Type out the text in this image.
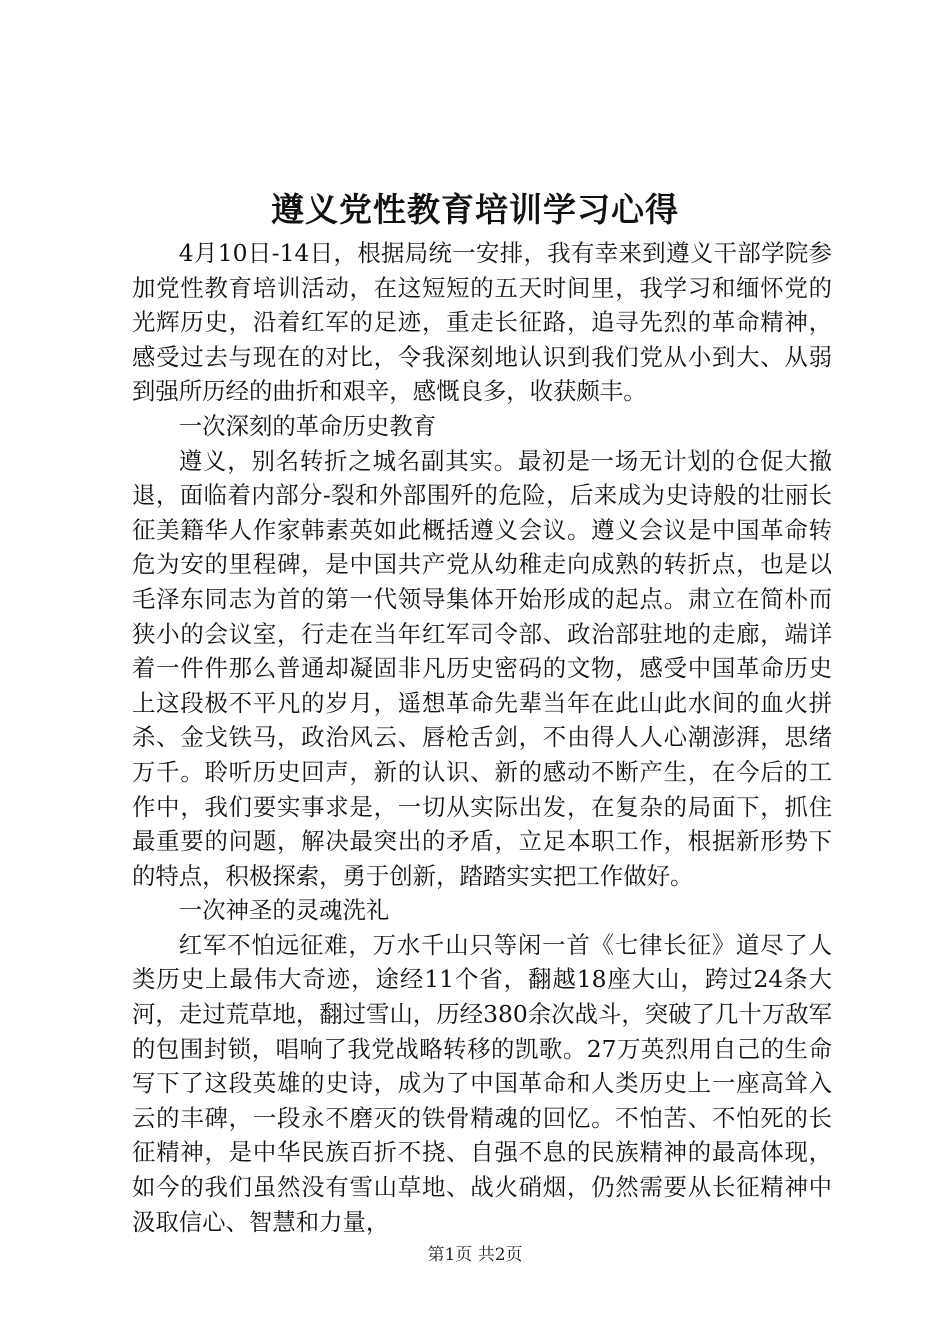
遵义党性教育培训学习心得

4月10日-14日，根据局统一安排，我有幸来到遵义干部学院参加党性教育培训活动，在这短短的五天时间里，我学习和缅怀党的光辉历史，沿着红军的足迹，重走长征路，追寻先烈的革命精神，感受过去与现在的对比，令我深刻地认识到我们党从小到大、从弱到强所历经的曲折和艰辛，感慨良多，收获颇丰。

一次深刻的革命历史教育

遵义，别名转折之城名副其实。最初是一场无计划的仓促大撤退，面临着内部分-裂和外部围歼的危险，后来成为史诗般的壮丽长征美籍华人作家韩素英如此概括遵义会议。遵义会议是中国革命转危为安的里程碑，是中国共产党从幼稚走向成熟的转折点，也是以毛泽东同志为首的第一代领导集体开始形成的起点。肃立在简朴而狭小的会议室，行走在当年红军司令部、政治部驻地的走廊，端详着一件件那么普通却凝固非凡历史密码的文物，感受中国革命历史上这段极不平凡的岁月，遥想革命先辈当年在此山此水间的血火拼杀、金戈铁马，政治风云、唇枪舌剑，不由得人人心潮澎湃，思绪万千。聆听历史回声，新的认识、新的感动不断产生，在今后的工作中，我们要实事求是，一切从实际出发，在复杂的局面下，抓住最重要的问题，解决最突出的矛盾，立足本职工作，根据新形势下的特点，积极探索，勇于创新，踏踏实实把工作做好。

一次神圣的灵魂洗礼

红军不怕远征难，万水千山只等闲一首《七律长征》道尽了人类历史上最伟大奇迹，途经11个省，翻越18座大山，跨过24条大河，走过荒草地，翻过雪山，历经380余次战斗，突破了几十万敌军的包围封锁，唱响了我党战略转移的凯歌。27万英烈用自己的生命写下了这段英雄的史诗，成为了中国革命和人类历史上一座高耸入云的丰碑，一段永不磨灭的铁骨精魂的回忆。不怕苦、不怕死的长征精神，是中华民族百折不挠、自强不息的民族精神的最高体现，如今的我们虽然没有雪山草地、战火硝烟，仍然需要从长征精神中汲取信心、智慧和力量，

第1页 共2页
